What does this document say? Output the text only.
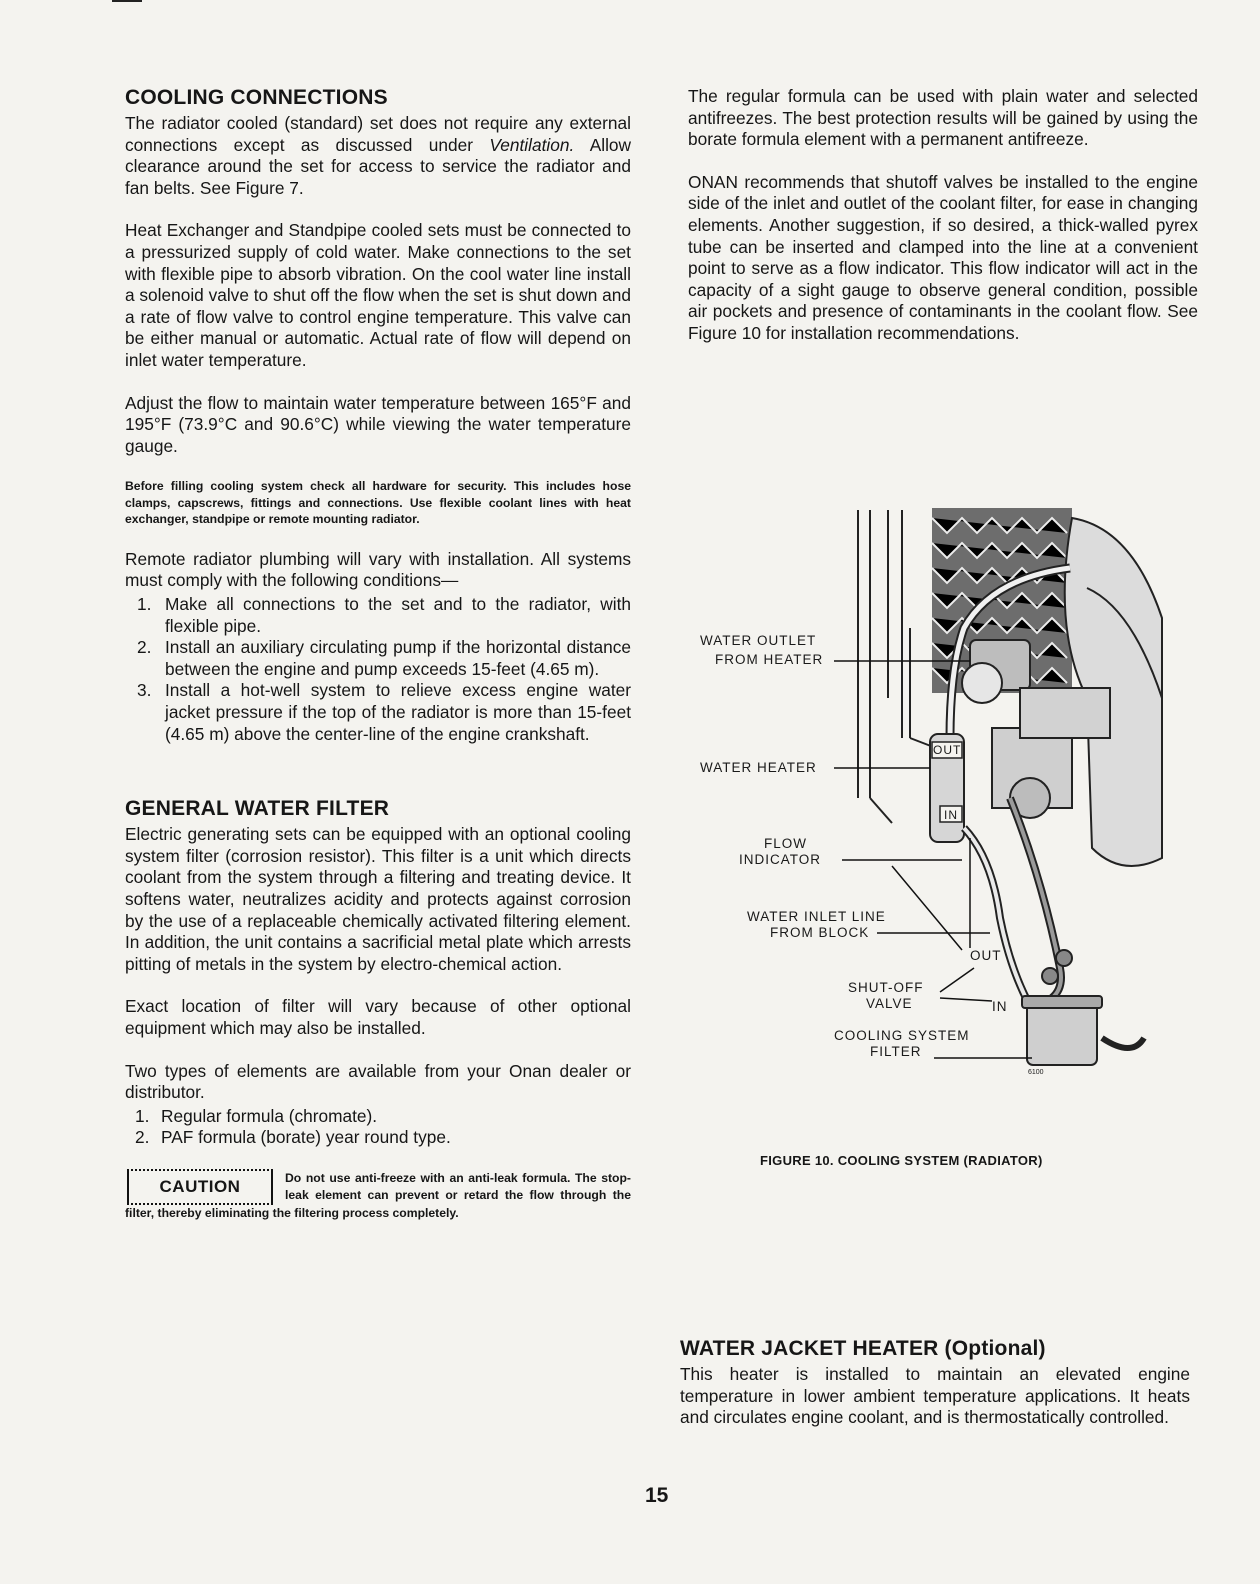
COOLING CONNECTIONS

The radiator cooled (standard) set does not require any external connections except as discussed under Ventilation. Allow clearance around the set for access to service the radiator and fan belts. See Figure 7.

Heat Exchanger and Standpipe cooled sets must be connected to a pressurized supply of cold water. Make connections to the set with flexible pipe to absorb vibration. On the cool water line install a solenoid valve to shut off the flow when the set is shut down and a rate of flow valve to control engine temperature. This valve can be either manual or automatic. Actual rate of flow will depend on inlet water temperature.

Adjust the flow to maintain water temperature between 165°F and 195°F (73.9°C and 90.6°C) while viewing the water temperature gauge.

Before filling cooling system check all hardware for security. This includes hose clamps, capscrews, fittings and connections. Use flexible coolant lines with heat exchanger, standpipe or remote mounting radiator.

Remote radiator plumbing will vary with installation. All systems must comply with the following conditions—

1. Make all connections to the set and to the radiator, with flexible pipe.
2. Install an auxiliary circulating pump if the horizontal distance between the engine and pump exceeds 15-feet (4.65 m).
3. Install a hot-well system to relieve excess engine water jacket pressure if the top of the radiator is more than 15-feet (4.65 m) above the center-line of the engine crankshaft.
GENERAL WATER FILTER

Electric generating sets can be equipped with an optional cooling system filter (corrosion resistor). This filter is a unit which directs coolant from the system through a filtering and treating device. It softens water, neutralizes acidity and protects against corrosion by the use of a replaceable chemically activated filtering element. In addition, the unit contains a sacrificial metal plate which arrests pitting of metals in the system by electro-chemical action.

Exact location of filter will vary because of other optional equipment which may also be installed.

Two types of elements are available from your Onan dealer or distributor.

1. Regular formula (chromate).
2. PAF formula (borate) year round type.
CAUTION	Do not use anti-freeze with an anti-leak formula. The stop-leak element can prevent or retard the flow through the filter, thereby eliminating the filtering process completely.

The regular formula can be used with plain water and selected antifreezes. The best protection results will be gained by using the borate formula element with a permanent antifreeze.

ONAN recommends that shutoff valves be installed to the engine side of the inlet and outlet of the coolant filter, for ease in changing elements. Another suggestion, if so desired, a thick-walled pyrex tube can be inserted and clamped into the line at a convenient point to serve as a flow indicator. This flow indicator will act in the capacity of a sight gauge to observe general condition, possible air pockets and presence of contaminants in the coolant flow. See Figure 10 for installation recommendations.

OUT
IN
WATER OUTLET
FROM HEATER
WATER HEATER
FLOW
INDICATOR
WATER INLET LINE
FROM BLOCK
OUT
SHUT-OFF
VALVE	IN
COOLING SYSTEM
FILTER
6100
FIGURE 10. COOLING SYSTEM (RADIATOR)
WATER JACKET HEATER (Optional)

This heater is installed to maintain an elevated engine temperature in lower ambient temperature applications. It heats and circulates engine coolant, and is thermostatically controlled.

15
